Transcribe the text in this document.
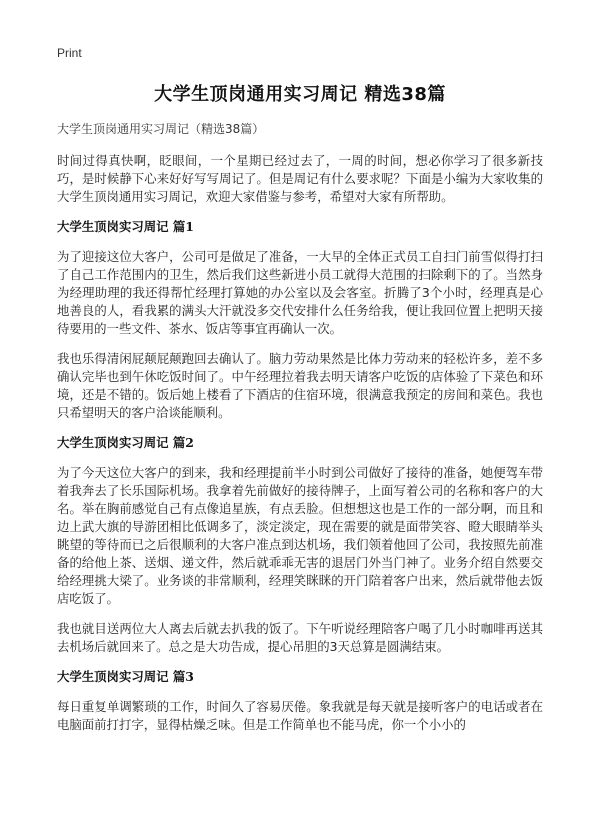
Print
大学生顶岗通用实习周记 精选38篇

大学生顶岗通用实习周记（精选38篇）

时间过得真快啊，眨眼间，一个星期已经过去了，一周的时间，想必你学习了很多新技巧，是时候静下心来好好写写周记了。但是周记有什么要求呢？下面是小编为大家收集的大学生顶岗通用实习周记，欢迎大家借鉴与参考，希望对大家有所帮助。

大学生顶岗实习周记 篇1

为了迎接这位大客户，公司可是做足了准备，一大早的全体正式员工自扫门前雪似得打扫了自己工作范围内的卫生，然后我们这些新进小员工就得大范围的扫除剩下的了。当然身为经理助理的我还得帮忙经理打算她的办公室以及会客室。折腾了3个小时，经理真是心地善良的人，看我累的满头大汗就没多交代安排什么任务给我，便让我回位置上把明天接待要用的一些文件、茶水、饭店等事宜再确认一次。

我也乐得清闲屁颠屁颠跑回去确认了。脑力劳动果然是比体力劳动来的轻松许多，差不多确认完毕也到午休吃饭时间了。中午经理拉着我去明天请客户吃饭的店体验了下菜色和环境，还是不错的。饭后她上楼看了下酒店的住宿环境，很满意我预定的房间和菜色。我也只希望明天的客户洽谈能顺利。

大学生顶岗实习周记 篇2

为了今天这位大客户的到来，我和经理提前半小时到公司做好了接待的准备，她便驾车带着我奔去了长乐国际机场。我拿着先前做好的接待牌子，上面写着公司的名称和客户的大名。举在胸前感觉自己有点像追星族，有点丢脸。但想想这也是工作的一部分啊，而且和边上武大旗的导游团相比低调多了，淡定淡定，现在需要的就是面带笑容、瞪大眼睛举头眺望的等待而已之后很顺利的大客户准点到达机场，我们领着他回了公司，我按照先前准备的给他上茶、送烟、递文件，然后就乖乖无害的退居门外当门神了。业务介绍自然要交给经理挑大梁了。业务谈的非常顺利，经理笑眯眯的开门陪着客户出来，然后就带他去饭店吃饭了。

我也就目送两位大人离去后就去扒我的饭了。下午听说经理陪客户喝了几小时咖啡再送其去机场后就回来了。总之是大功告成，提心吊胆的3天总算是圆满结束。

大学生顶岗实习周记 篇3

每日重复单调繁琐的工作，时间久了容易厌倦。象我就是每天就是接听客户的电话或者在电脑面前打打字，显得枯燥乏味。但是工作简单也不能马虎，你一个小小的
